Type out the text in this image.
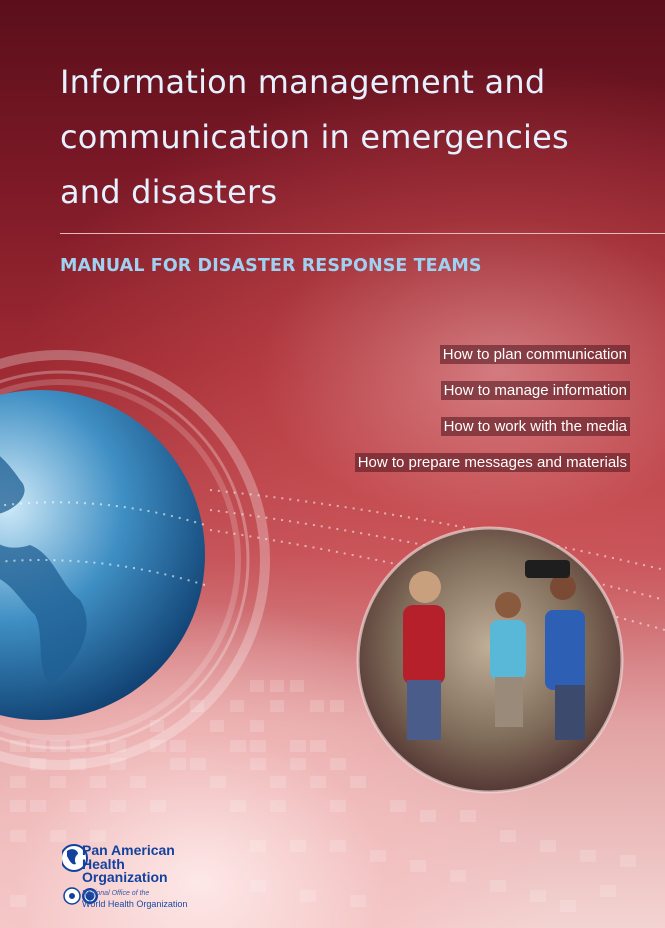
Information management and
communication in emergencies
and disasters
MANUAL FOR DISASTER RESPONSE TEAMS
How to plan communication
How to manage information
How to work with the media
How to prepare messages and materials
Pan American
Health
Organization
Regional Office of the
World Health Organization
